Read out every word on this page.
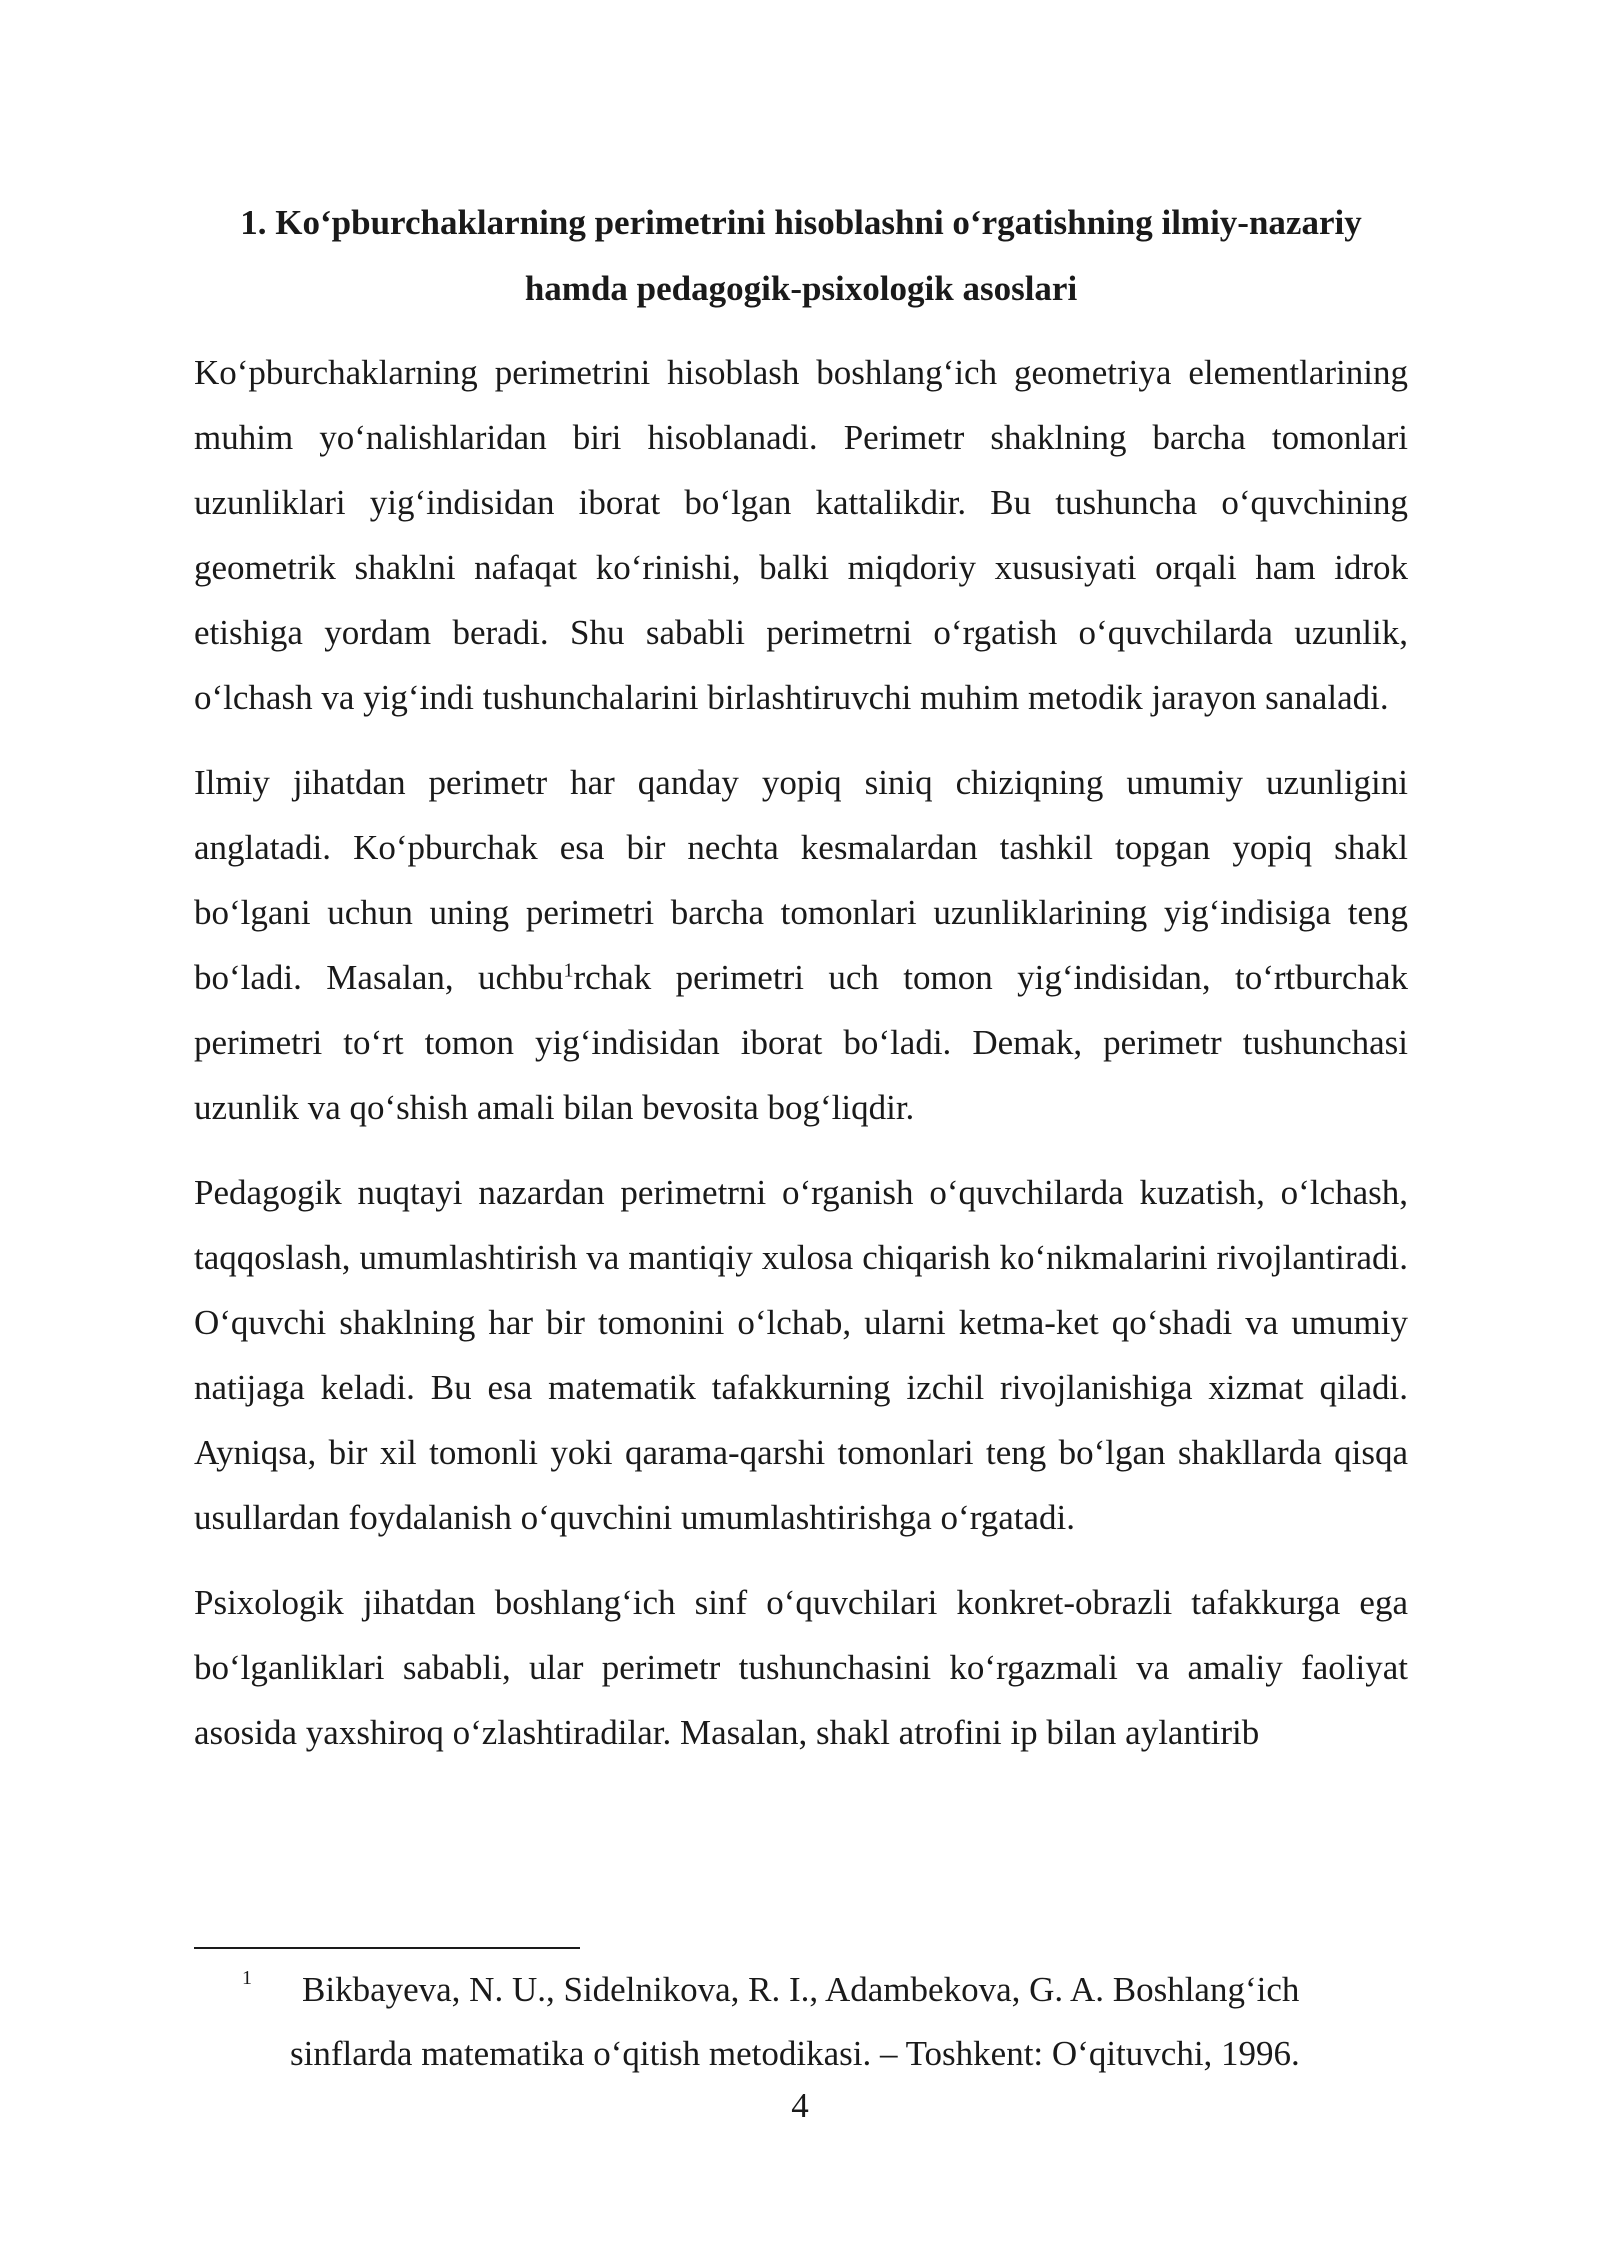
1. Ko‘pburchaklarning perimetrini hisoblashni o‘rgatishning ilmiy-nazariy
hamda pedagogik-psixologik asoslari

Ko‘pburchaklarning perimetrini hisoblash boshlang‘ich geometriya elementlarining muhim yo‘nalishlaridan biri hisoblanadi. Perimetr shaklning barcha tomonlari uzunliklari yig‘indisidan iborat bo‘lgan kattalikdir. Bu tushuncha o‘quvchining geometrik shaklni nafaqat ko‘rinishi, balki miqdoriy xususiyati orqali ham idrok etishiga yordam beradi. Shu sababli perimetrni o‘rgatish o‘quvchilarda uzunlik, o‘lchash va yig‘indi tushunchalarini birlashtiruvchi muhim metodik jarayon sanaladi.

Ilmiy jihatdan perimetr har qanday yopiq siniq chiziqning umumiy uzunligini anglatadi. Ko‘pburchak esa bir nechta kesmalardan tashkil topgan yopiq shakl bo‘lgani uchun uning perimetri barcha tomonlari uzunliklarining yig‘indisiga teng bo‘ladi. Masalan, uchbu$^1$rchak perimetri uch tomon yig‘indisidan, to‘rtburchak perimetri to‘rt tomon yig‘indisidan iborat bo‘ladi. Demak, perimetr tushunchasi uzunlik va qo‘shish amali bilan bevosita bog‘liqdir.

Pedagogik nuqtayi nazardan perimetrni o‘rganish o‘quvchilarda kuzatish, o‘lchash, taqqoslash, umumlashtirish va mantiqiy xulosa chiqarish ko‘nikmalarini rivojlantiradi. O‘quvchi shaklning har bir tomonini o‘lchab, ularni ketma-ket qo‘shadi va umumiy natijaga keladi. Bu esa matematik tafakkurning izchil rivojlanishiga xizmat qiladi. Ayniqsa, bir xil tomonli yoki qarama-qarshi tomonlari teng bo‘lgan shakllarda qisqa usullardan foydalanish o‘quvchini umumlashtirishga o‘rgatadi.

Psixologik jihatdan boshlang‘ich sinf o‘quvchilari konkret-obrazli tafakkurga ega bo‘lganliklari sababli, ular perimetr tushunchasini ko‘rgazmali va amaliy faoliyat asosida yaxshiroq o‘zlashtiradilar. Masalan, shakl atrofini ip bilan aylantirib

1 Bikbayeva, N. U., Sidelnikova, R. I., Adambekova, G. A. Boshlang‘ich
sinflarda matematika o‘qitish metodikasi. – Toshkent: O‘qituvchi, 1996.
4
